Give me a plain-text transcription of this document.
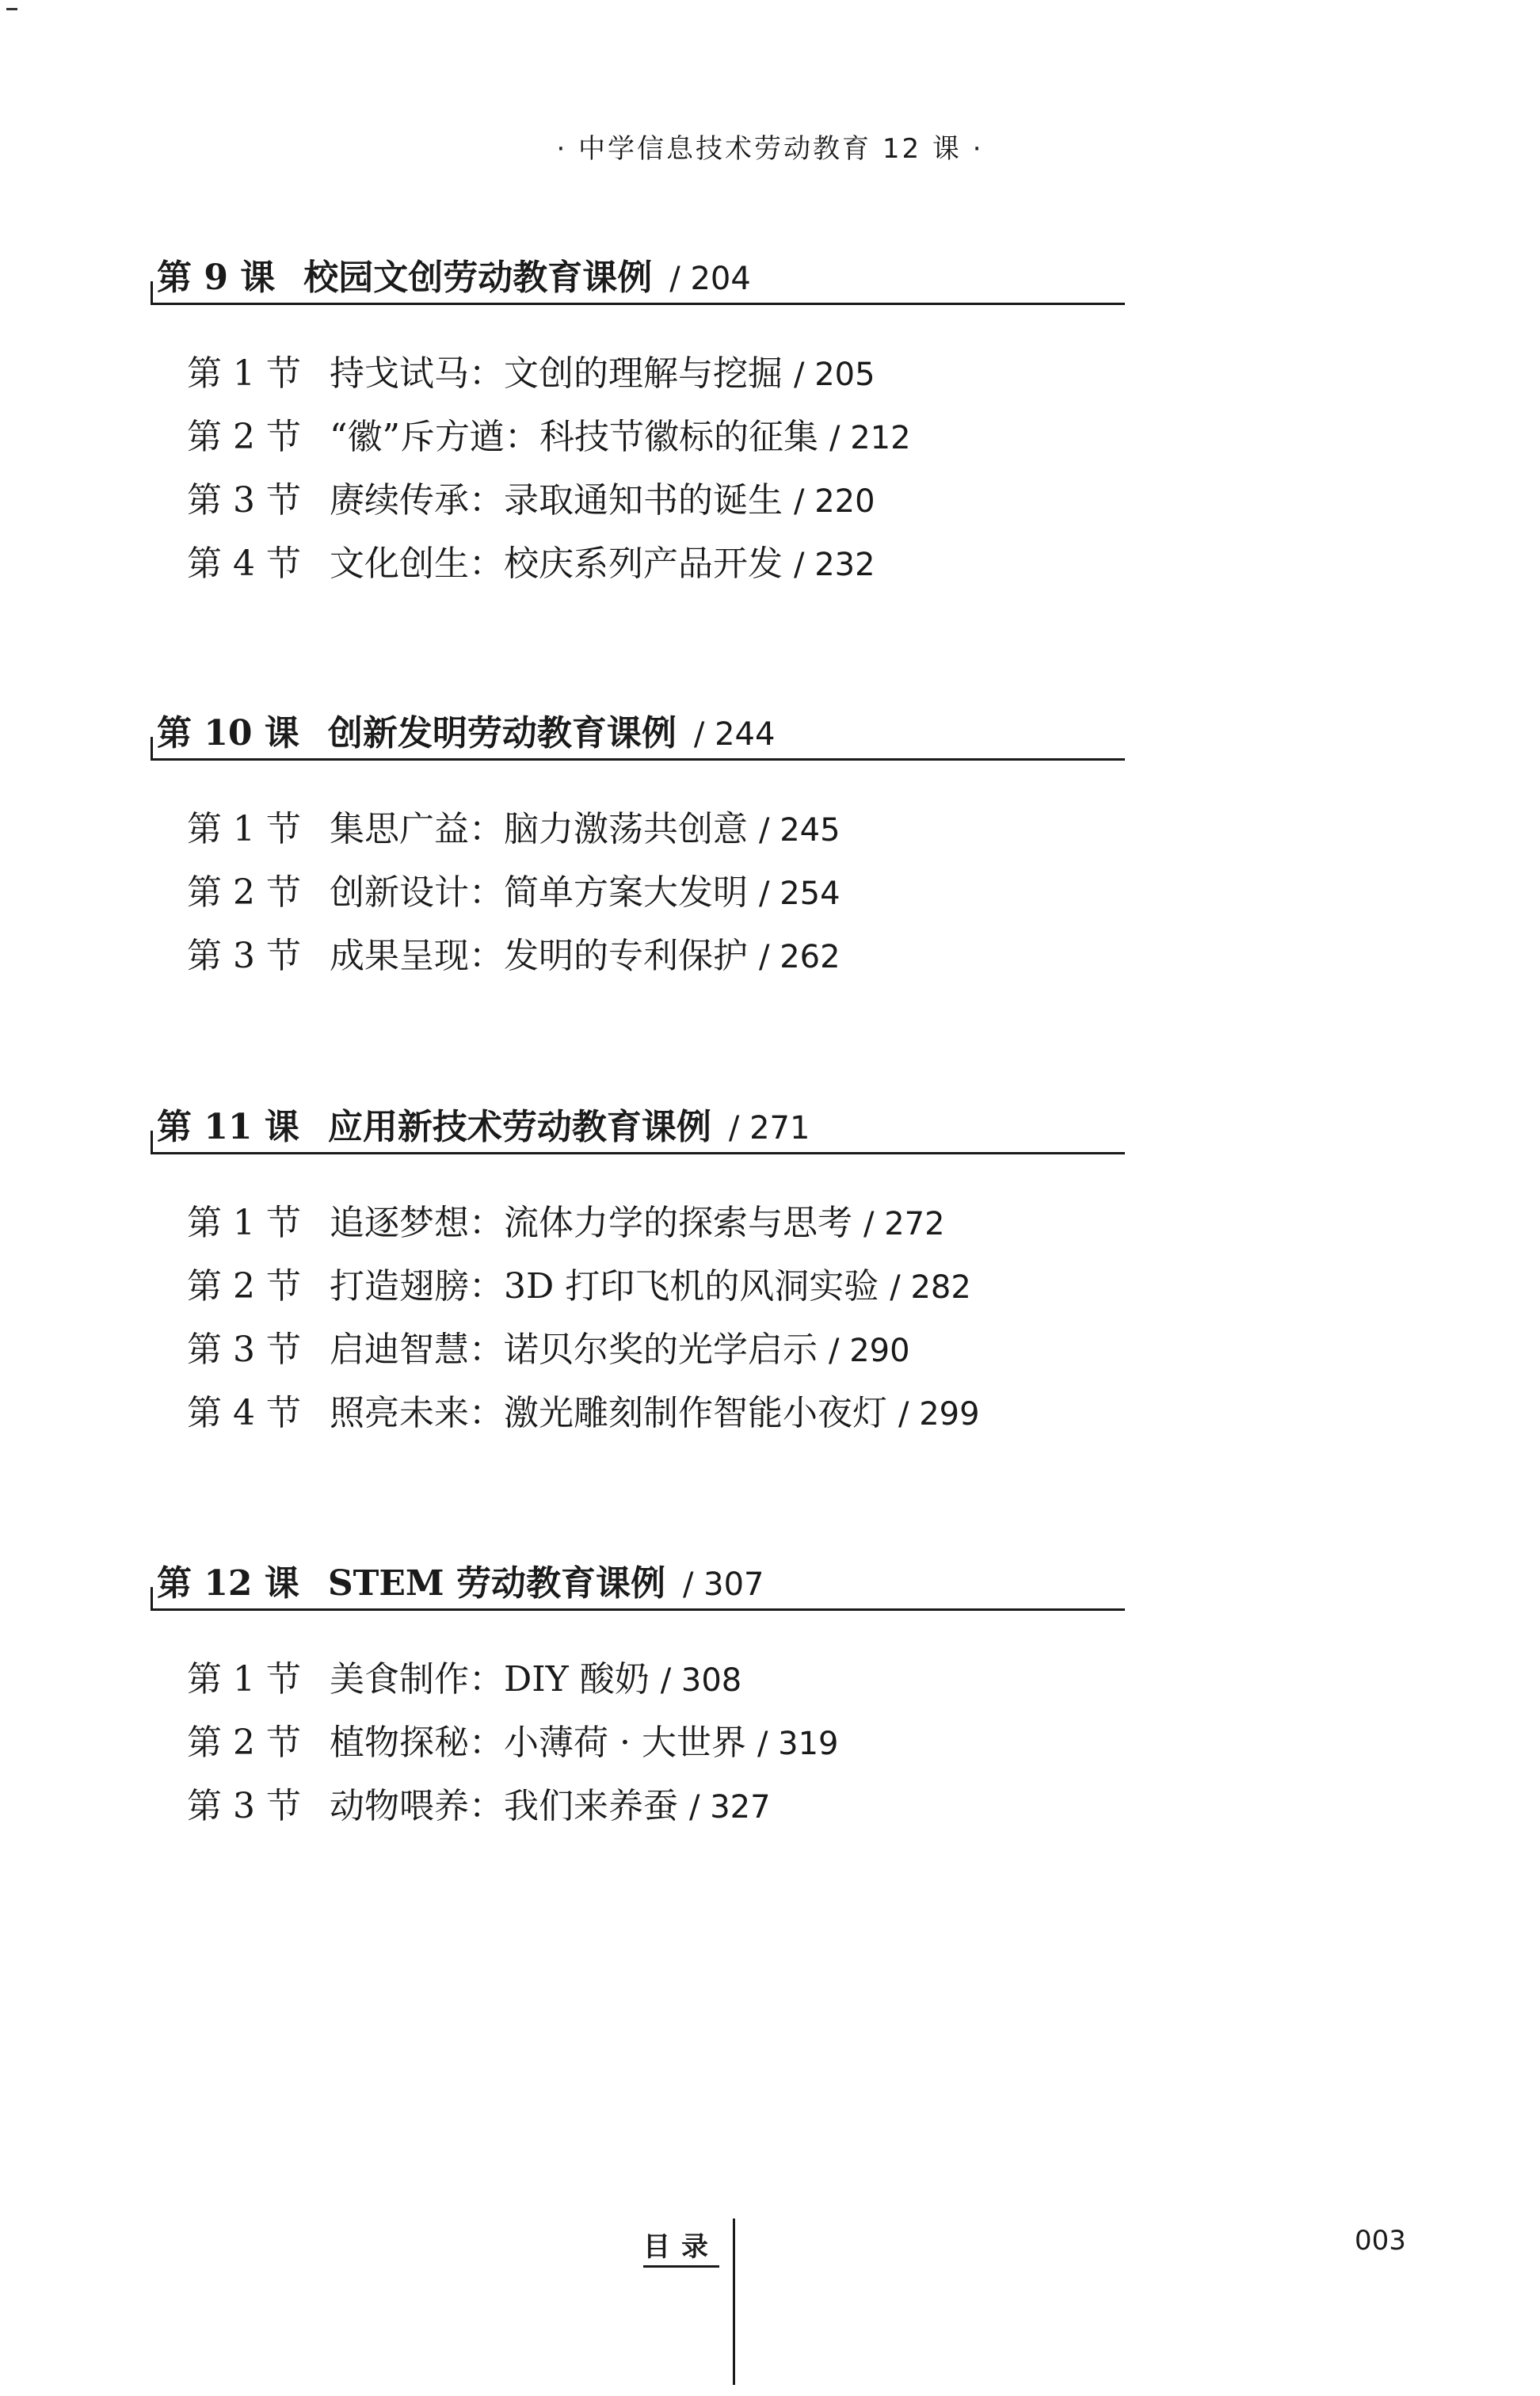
· 中学信息技术劳动教育 12 课 ·
第 9 课 校园文创劳动教育课例 / 204
第 1 节 持戈试马：文创的理解与挖掘 / 205
第 2 节 “徽”斥方遒：科技节徽标的征集 / 212
第 3 节 赓续传承：录取通知书的诞生 / 220
第 4 节 文化创生：校庆系列产品开发 / 232
第 10 课 创新发明劳动教育课例 / 244
第 1 节 集思广益：脑力激荡共创意 / 245
第 2 节 创新设计：简单方案大发明 / 254
第 3 节 成果呈现：发明的专利保护 / 262
第 11 课 应用新技术劳动教育课例 / 271
第 1 节 追逐梦想：流体力学的探索与思考 / 272
第 2 节 打造翅膀：3D 打印飞机的风洞实验 / 282
第 3 节 启迪智慧：诺贝尔奖的光学启示 / 290
第 4 节 照亮未来：激光雕刻制作智能小夜灯 / 299
第 12 课 STEM 劳动教育课例 / 307
第 1 节 美食制作：DIY 酸奶 / 308
第 2 节 植物探秘：小薄荷 · 大世界 / 319
第 3 节 动物喂养：我们来养蚕 / 327
目录	003
